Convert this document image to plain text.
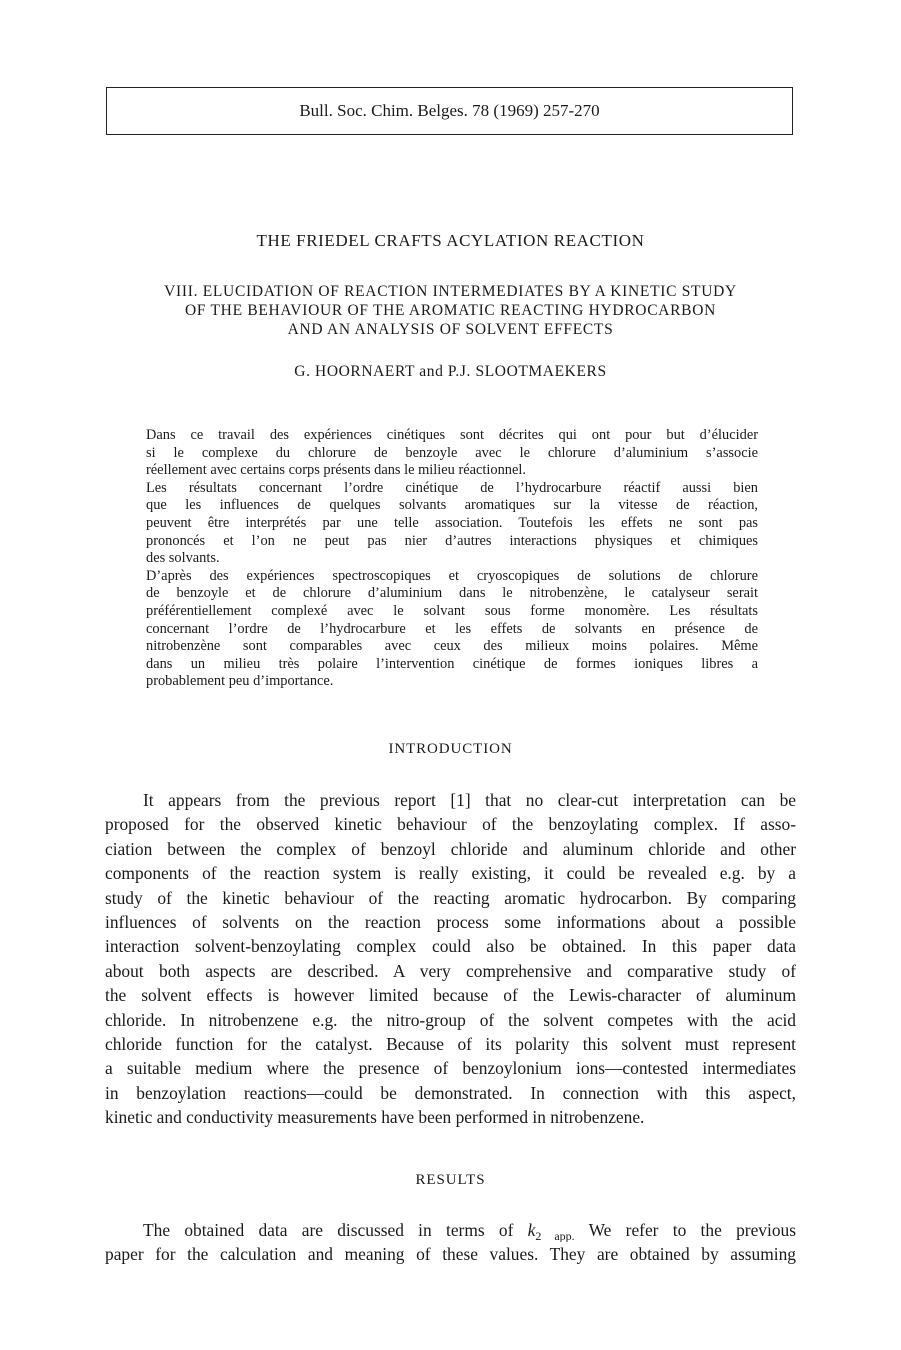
Bull. Soc. Chim. Belges. 78 (1969) 257-270
THE FRIEDEL CRAFTS ACYLATION REACTION
VIII. ELUCIDATION OF REACTION INTERMEDIATES BY A KINETIC STUDY
OF THE BEHAVIOUR OF THE AROMATIC REACTING HYDROCARBON
AND AN ANALYSIS OF SOLVENT EFFECTS
G. HOORNAERT and P.J. SLOOTMAEKERS
Dans ce travail des expériences cinétiques sont décrites qui ont pour but d’élucider
si le complexe du chlorure de benzoyle avec le chlorure d’aluminium s’associe
réellement avec certains corps présents dans le milieu réactionnel.
Les résultats concernant l’ordre cinétique de l’hydrocarbure réactif aussi bien
que les influences de quelques solvants aromatiques sur la vitesse de réaction,
peuvent être interprétés par une telle association. Toutefois les effets ne sont pas
prononcés et l’on ne peut pas nier d’autres interactions physiques et chimiques
des solvants.
D’après des expériences spectroscopiques et cryoscopiques de solutions de chlorure
de benzoyle et de chlorure d’aluminium dans le nitrobenzène, le catalyseur serait
préférentiellement complexé avec le solvant sous forme monomère. Les résultats
concernant l’ordre de l’hydrocarbure et les effets de solvants en présence de
nitrobenzène sont comparables avec ceux des milieux moins polaires. Même
dans un milieu très polaire l’intervention cinétique de formes ioniques libres a
probablement peu d’importance.
INTRODUCTION
It appears from the previous report [1] that no clear-cut interpretation can be
proposed for the observed kinetic behaviour of the benzoylating complex. If asso-
ciation between the complex of benzoyl chloride and aluminum chloride and other
components of the reaction system is really existing, it could be revealed e.g. by a
study of the kinetic behaviour of the reacting aromatic hydrocarbon. By comparing
influences of solvents on the reaction process some informations about a possible
interaction solvent-benzoylating complex could also be obtained. In this paper data
about both aspects are described. A very comprehensive and comparative study of
the solvent effects is however limited because of the Lewis-character of aluminum
chloride. In nitrobenzene e.g. the nitro-group of the solvent competes with the acid
chloride function for the catalyst. Because of its polarity this solvent must represent
a suitable medium where the presence of benzoylonium ions—contested intermediates
in benzoylation reactions—could be demonstrated. In connection with this aspect,
kinetic and conductivity measurements have been performed in nitrobenzene.
RESULTS
The obtained data are discussed in terms of $k_{2 app.}$ We refer to the previous
paper for the calculation and meaning of these values. They are obtained by assuming
